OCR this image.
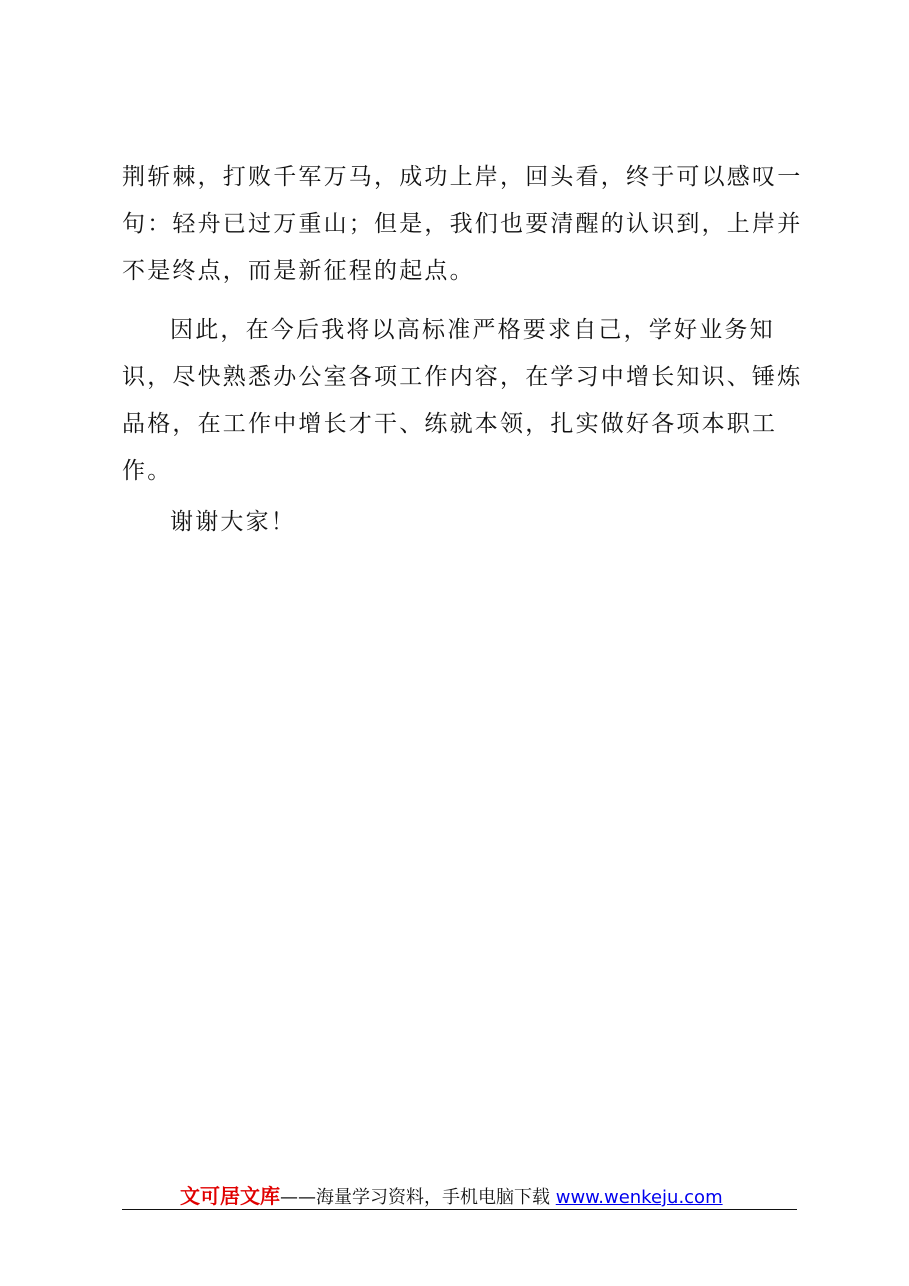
荆斩棘，打败千军万马，成功上岸，回头看，终于可以感叹一
句：轻舟已过万重山；但是，我们也要清醒的认识到，上岸并
不是终点，而是新征程的起点。
因此，在今后我将以高标准严格要求自己，学好业务知
识，尽快熟悉办公室各项工作内容，在学习中增长知识、锤炼
品格，在工作中增长才干、练就本领，扎实做好各项本职工
作。
谢谢大家！
文可居文库——海量学习资料，手机电脑下载 www.wenkeju.com
